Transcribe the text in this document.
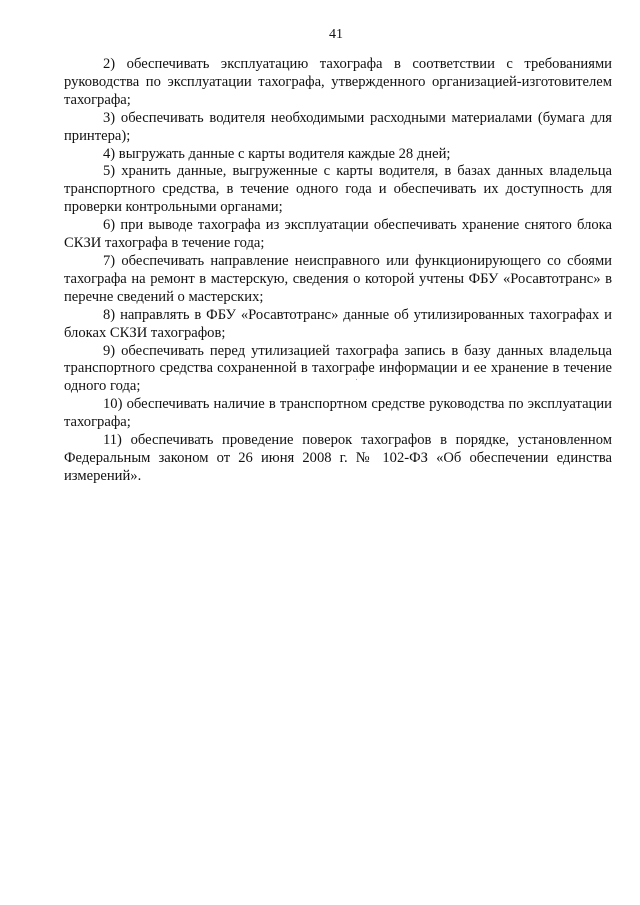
41

2) обеспечивать эксплуатацию тахографа в соответствии с требованиями руководства по эксплуатации тахографа, утвержденного организацией-изготовителем тахографа;

3) обеспечивать водителя необходимыми расходными материалами (бумага для принтера);

4) выгружать данные с карты водителя каждые 28 дней;

5) хранить данные, выгруженные с карты водителя, в базах данных владельца транспортного средства, в течение одного года и обеспечивать их доступность для проверки контрольными органами;

6) при выводе тахографа из эксплуатации обеспечивать хранение снятого блока СКЗИ тахографа в течение года;

7) обеспечивать направление неисправного или функционирующего со сбоями тахографа на ремонт в мастерскую, сведения о которой учтены ФБУ «Росавтотранс» в перечне сведений о мастерских;

8) направлять в ФБУ «Росавтотранс» данные об утилизированных тахографах и блоках СКЗИ тахографов;

9) обеспечивать перед утилизацией тахографа запись в базу данных владельца транспортного средства сохраненной в тахографе информации и ее хранение в течение одного года;

10) обеспечивать наличие в транспортном средстве руководства по эксплуатации тахографа;

11) обеспечивать проведение поверок тахографов в порядке, установленном Федеральным законом от 26 июня 2008 г. № 102-ФЗ «Об обеспечении единства измерений».
